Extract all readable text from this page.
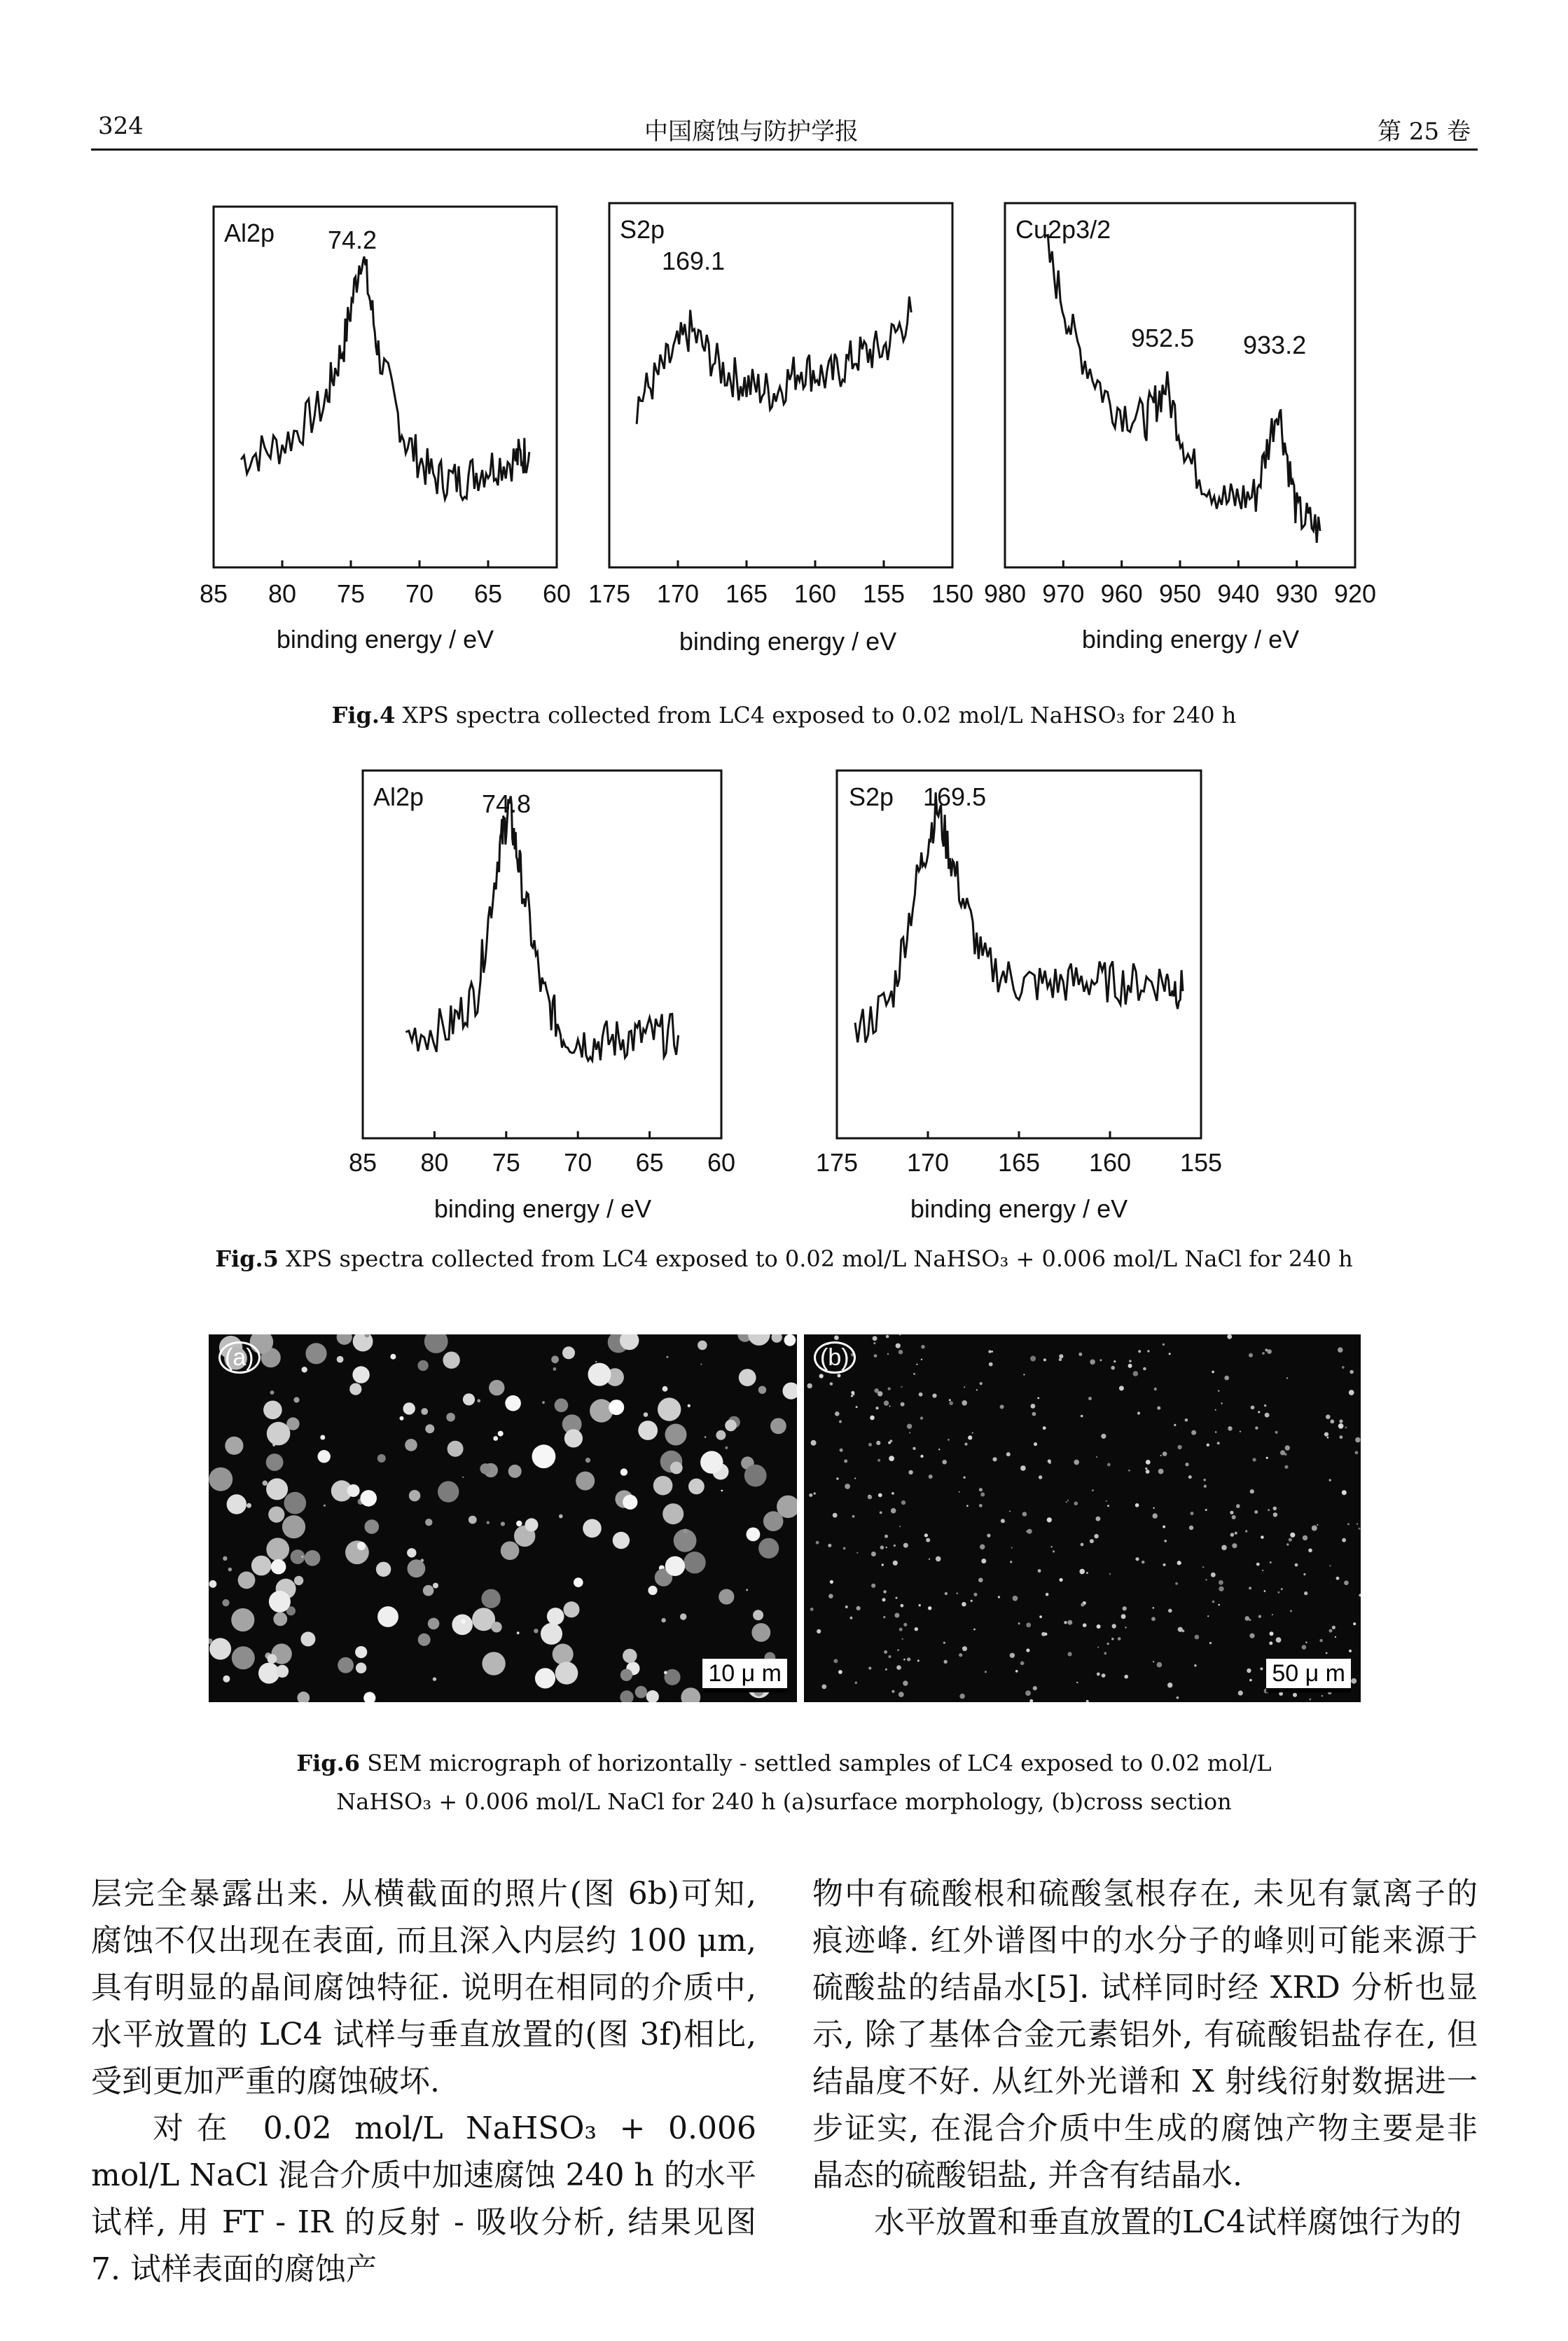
324	中国腐蚀与防护学报	第 25 卷
Al2p 74.2
85 80 75 70 65 60
binding energy / eV
S2p
169.1
175 170 165 160 155 150
binding energy / eV
Cu2p3/2
952.5 933.2
980 970 960 950 940 930 920
binding energy / eV
Fig.4 XPS spectra collected from LC4 exposed to 0.02 mol/L NaHSO₃ for 240 h
Al2p 74.8
85 80 75 70 65 60
binding energy / eV
S2p 169.5
175 170 165 160 155
binding energy / eV
Fig.5 XPS spectra collected from LC4 exposed to 0.02 mol/L NaHSO₃ + 0.006 mol/L NaCl for 240 h
(a)
10 μ m
(b)
50 μ m
Fig.6 SEM micrograph of horizontally - settled samples of LC4 exposed to 0.02 mol/L
NaHSO₃ + 0.006 mol/L NaCl for 240 h (a)surface morphology, (b)cross section

层完全暴露出来. 从横截面的照片(图 6b)可知, 腐蚀不仅出现在表面, 而且深入内层约 100 μm, 具有明显的晶间腐蚀特征. 说明在相同的介质中, 水平放置的 LC4 试样与垂直放置的(图 3f)相比, 受到更加严重的腐蚀破坏.

对在 0.02 mol/L NaHSO₃ + 0.006 mol/L NaCl 混合介质中加速腐蚀 240 h 的水平试样, 用 FT - IR 的反射 - 吸收分析, 结果见图 7. 试样表面的腐蚀产

物中有硫酸根和硫酸氢根存在, 未见有氯离子的痕迹峰. 红外谱图中的水分子的峰则可能来源于硫酸盐的结晶水[5]. 试样同时经 XRD 分析也显示, 除了基体合金元素铝外, 有硫酸铝盐存在, 但结晶度不好. 从红外光谱和 X 射线衍射数据进一步证实, 在混合介质中生成的腐蚀产物主要是非晶态的硫酸铝盐, 并含有结晶水.

水平放置和垂直放置的LC4试样腐蚀行为的
